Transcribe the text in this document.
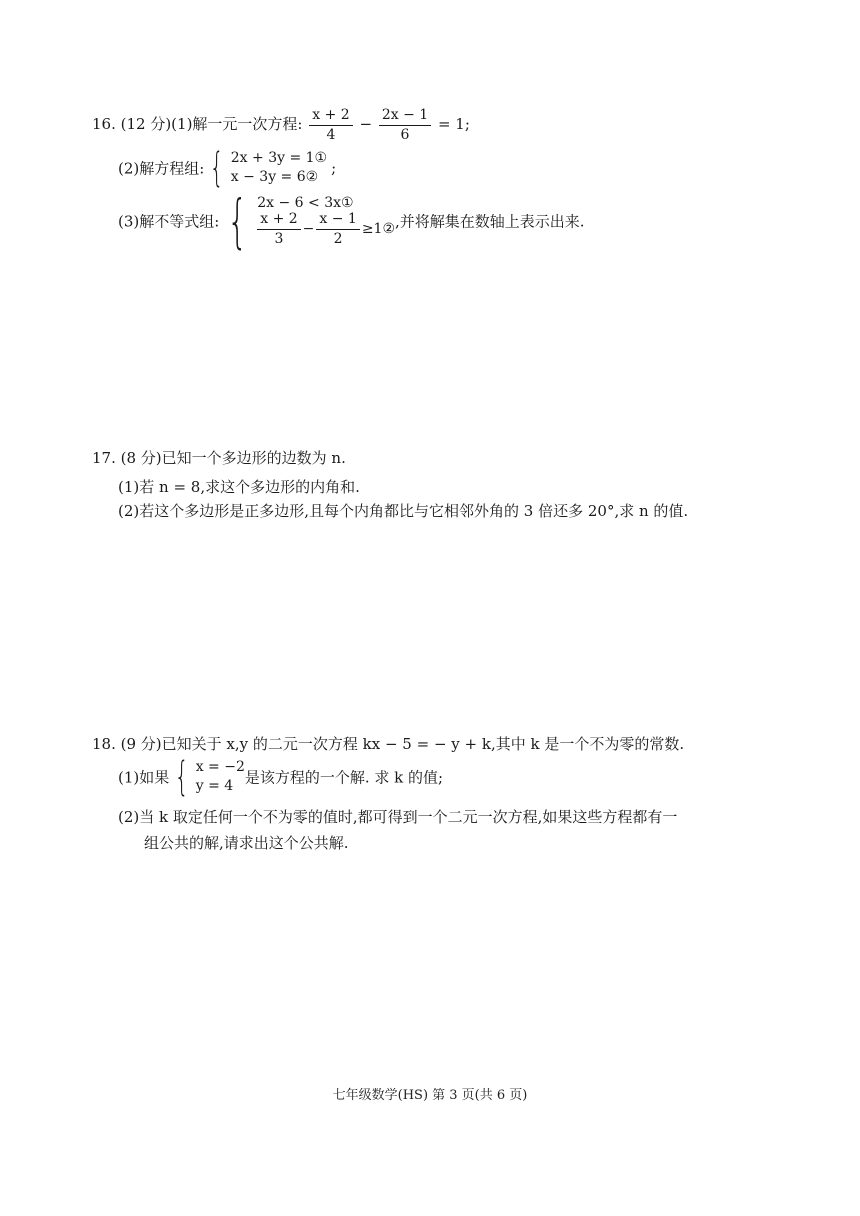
16. (12 分)(1)解一元一次方程: $\frac{x + 2}{4} - \frac{2x - 1}{6} = 1$;
(2)解方程组: { 2x + 3y = 1①
x − 3y = 6② ;
(3)解不等式组: { 2x − 6 < 3x①
$\frac{x + 2}{3} - \frac{x - 1}{2}$ ≥1② ,并将解集在数轴上表示出来.
17. (8 分)已知一个多边形的边数为 n.
(1)若 n = 8,求这个多边形的内角和.
(2)若这个多边形是正多边形,且每个内角都比与它相邻外角的 3 倍还多 20°,求 n 的值.
18. (9 分)已知关于 x,y 的二元一次方程 kx − 5 = − y + k,其中 k 是一个不为零的常数.
(1)如果 { x = −2
y = 4 是该方程的一个解. 求 k 的值;
(2)当 k 取定任何一个不为零的值时,都可得到一个二元一次方程,如果这些方程都有一
组公共的解,请求出这个公共解.
七年级数学(HS) 第 3 页(共 6 页)
